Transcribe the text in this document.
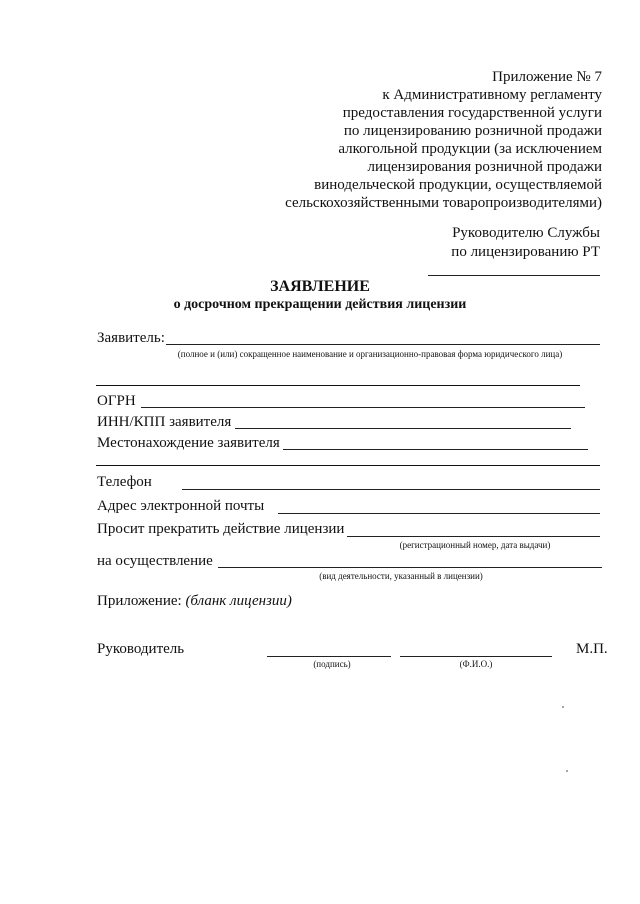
Приложение № 7
к Административному регламенту
предоставления государственной услуги
по лицензированию розничной продажи
алкогольной продукции (за исключением
лицензирования розничной продажи
винодельческой продукции, осуществляемой
сельскохозяйственными товаропроизводителями)
Руководителю Службы
по лицензированию РТ
ЗАЯВЛЕНИЕ
о досрочном прекращении действия лицензии
Заявитель:
(полное и (или) сокращенное наименование и организационно-правовая форма юридического лица)
ОГРН
ИНН/КПП заявителя
Местонахождение заявителя
Телефон
Адрес электронной почты
Просит прекратить действие лицензии
(регистрационный номер, дата выдачи)
на осуществление
(вид деятельности, указанный в лицензии)
Приложение: (бланк лицензии)
Руководитель
(подпись)	(Ф.И.О.)
М.П.
